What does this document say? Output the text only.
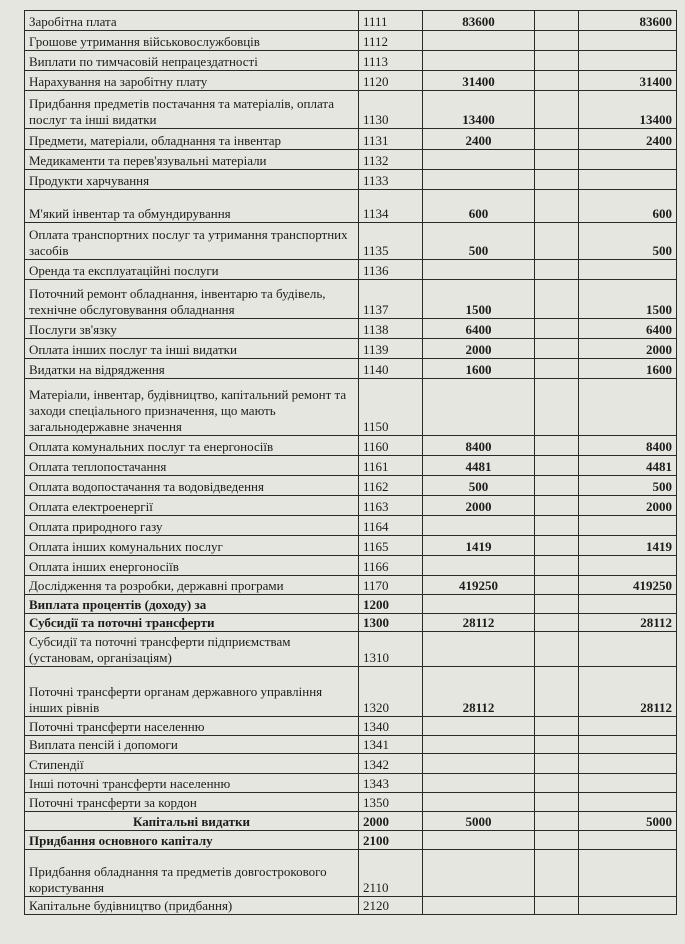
Заробітна плата	1111	83600		83600
Грошове утримання військовослужбовців	1112			
Виплати по тимчасовій непрацездатності	1113			
Нарахування на заробітну плату	1120	31400		31400
Придбання предметів постачання та матеріалів, оплата послуг та інші видатки	1130	13400		13400
Предмети, матеріали, обладнання та інвентар	1131	2400		2400
Медикаменти та перев'язувальні матеріали	1132			
Продукти харчування	1133			
М'який інвентар та обмундирування	1134	600		600
Оплата транспортних послуг та утримання транспортних засобів	1135	500		500
Оренда та експлуатаційні послуги	1136			
Поточний ремонт обладнання, інвентарю та будівель, технічне обслуговування обладнання	1137	1500		1500
Послуги зв'язку	1138	6400		6400
Оплата інших послуг та інші видатки	1139	2000		2000
Видатки на відрядження	1140	1600		1600
Матеріали, інвентар, будівництво, капітальний ремонт та заходи спеціального призначення, що мають загальнодержавне значення	1150			
Оплата комунальних послуг та енергоносіїв	1160	8400		8400
Оплата теплопостачання	1161	4481		4481
Оплата водопостачання та водовідведення	1162	500		500
Оплата електроенергії	1163	2000		2000
Оплата природного газу	1164			
Оплата інших комунальних послуг	1165	1419		1419
Оплата інших енергоносіїв	1166			
Дослідження та розробки, державні програми	1170	419250		419250
Виплата процентів (доходу) за	1200			
Субсидії та поточні трансферти	1300	28112		28112
Субсидії та поточні трансферти підприємствам (установам, організаціям)	1310			
Поточні трансферти органам державного управління інших рівнів	1320	28112		28112
Поточні трансферти населенню	1340			
Виплата пенсій і допомоги	1341			
Стипендії	1342			
Інші поточні трансферти населенню	1343			
Поточні трансферти за кордон	1350			
Капітальні видатки	2000	5000		5000
Придбання основного капіталу	2100			
Придбання обладнання та предметів довгострокового користування	2110			
Капітальне будівництво (придбання)	2120			
